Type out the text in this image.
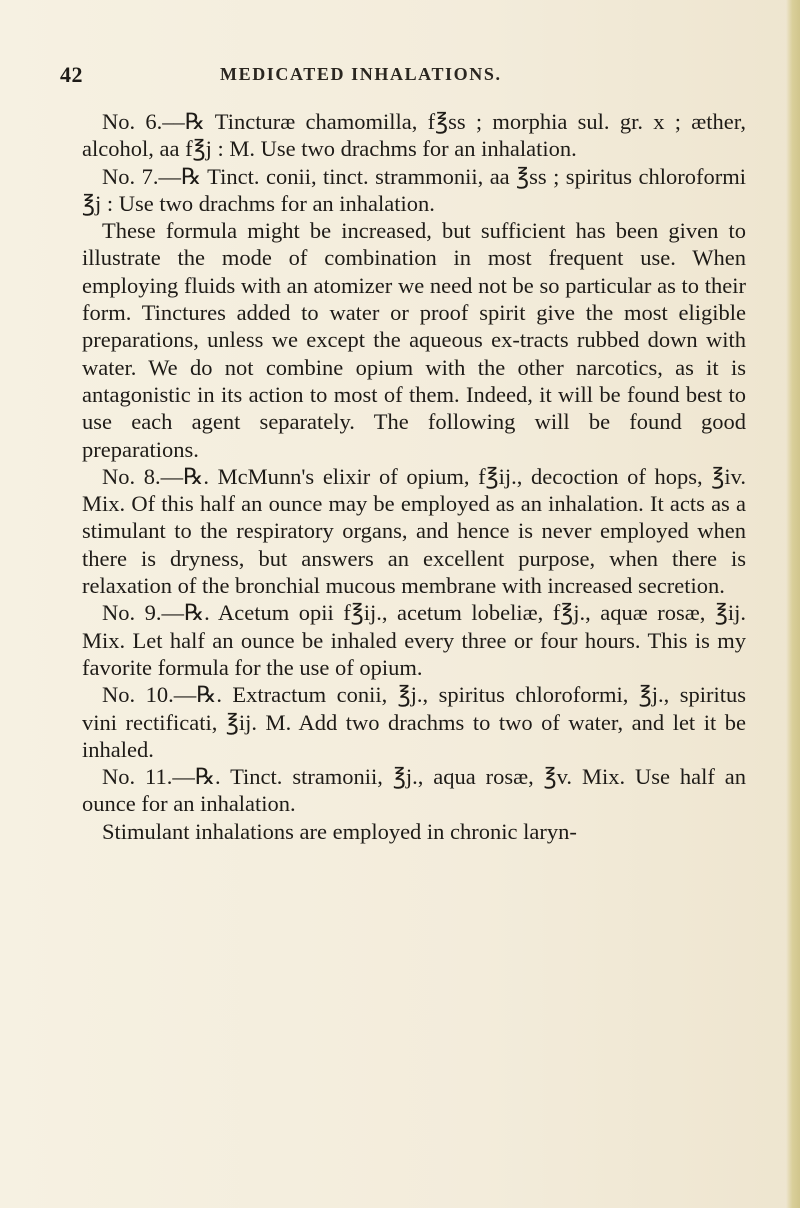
42	MEDICATED INHALATIONS.

No. 6.––℞ Tincturæ chamomilla, f℥ss ; morphia sul. gr. x ; æther, alcohol, aa f℥j : M. Use two drachms for an inhalation.

No. 7.—℞ Tinct. conii, tinct. strammonii, aa ℥ss ; spiritus chloroformi ℥j : Use two drachms for an inhalation.

These formula might be increased, but sufficient has been given to illustrate the mode of combination in most frequent use. When employing fluids with an atomizer we need not be so particular as to their form. Tinctures added to water or proof spirit give the most eligible preparations, unless we except the aqueous ex-tracts rubbed down with water. We do not combine opium with the other narcotics, as it is antagonistic in its action to most of them. Indeed, it will be found best to use each agent separately. The following will be found good preparations.

No. 8.—℞. McMunn's elixir of opium, f℥ij., decoction of hops, ℥iv. Mix. Of this half an ounce may be employed as an inhalation. It acts as a stimulant to the respiratory organs, and hence is never employed when there is dryness, but answers an excellent purpose, when there is relaxation of the bronchial mucous membrane with increased secretion.

No. 9.—℞. Acetum opii f℥ij., acetum lobeliæ, f℥j., aquæ rosæ, ℥ij. Mix. Let half an ounce be inhaled every three or four hours. This is my favorite formula for the use of opium.

No. 10.—℞. Extractum conii, ℥j., spiritus chloroformi, ℥j., spiritus vini rectificati, ℥ij. M. Add two drachms to two of water, and let it be inhaled.

No. 11.—℞. Tinct. stramonii, ℥j., aqua rosæ, ℥v. Mix. Use half an ounce for an inhalation.

Stimulant inhalations are employed in chronic laryn-
